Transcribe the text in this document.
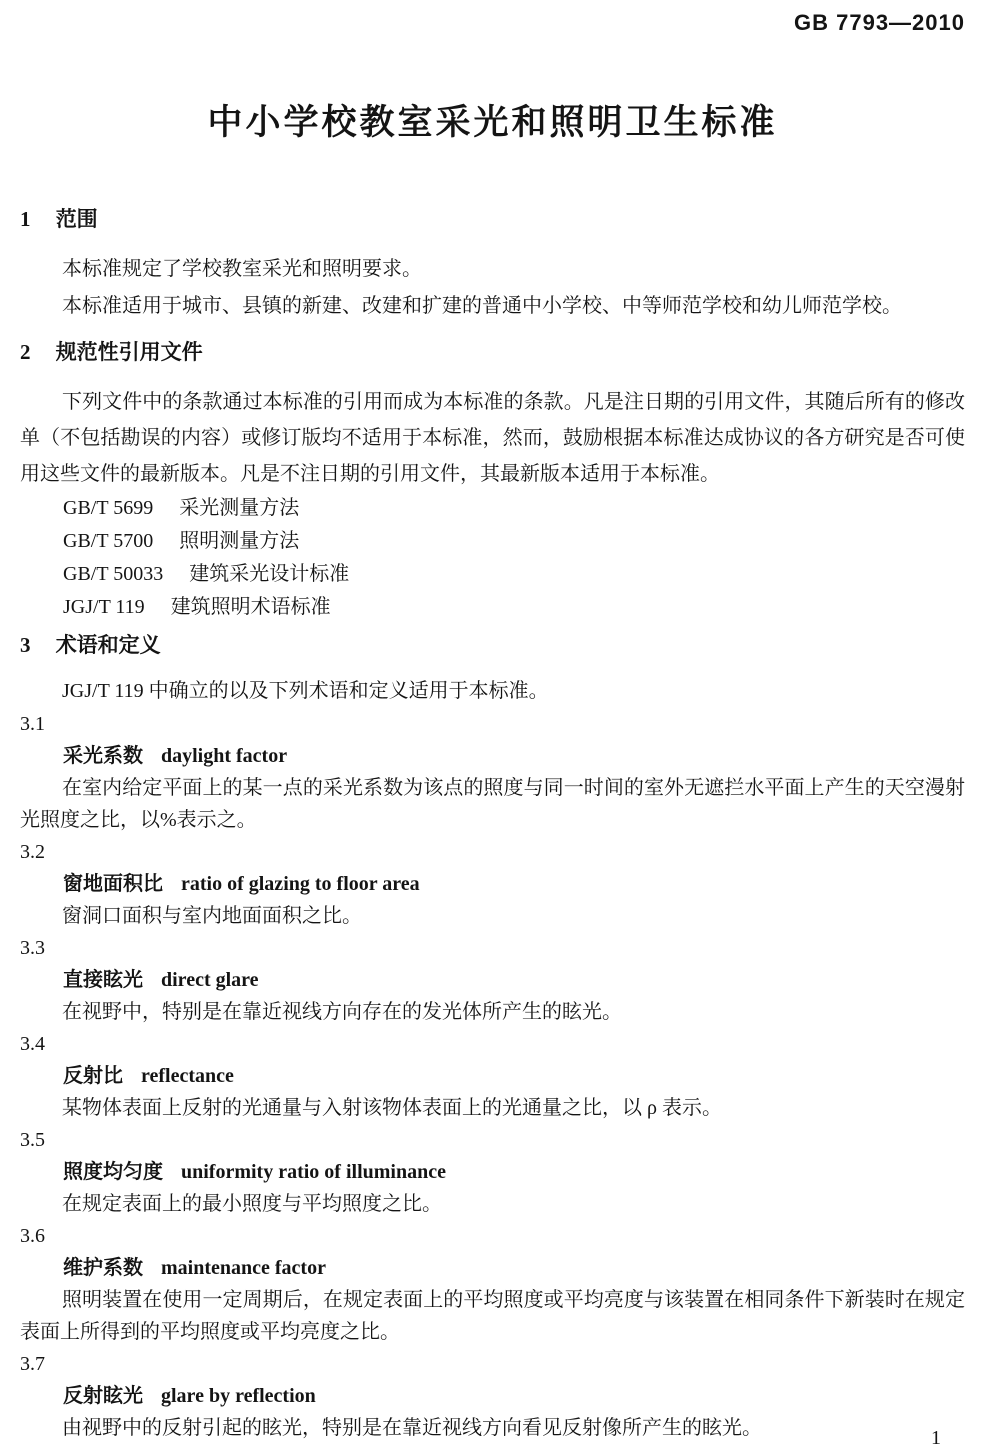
GB 7793—2010
中小学校教室采光和照明卫生标准
1 范围

本标准规定了学校教室采光和照明要求。

本标准适用于城市、县镇的新建、改建和扩建的普通中小学校、中等师范学校和幼儿师范学校。

2 规范性引用文件

下列文件中的条款通过本标准的引用而成为本标准的条款。凡是注日期的引用文件，其随后所有的修改单（不包括勘误的内容）或修订版均不适用于本标准，然而，鼓励根据本标准达成协议的各方研究是否可使用这些文件的最新版本。凡是不注日期的引用文件，其最新版本适用于本标准。

GB/T 5699 采光测量方法
GB/T 5700 照明测量方法
GB/T 50033 建筑采光设计标准
JGJ/T 119 建筑照明术语标准
3 术语和定义

JGJ/T 119 中确立的以及下列术语和定义适用于本标准。

3.1
采光系数 daylight factor

在室内给定平面上的某一点的采光系数为该点的照度与同一时间的室外无遮拦水平面上产生的天空漫射光照度之比，以%表示之。

3.2
窗地面积比 ratio of glazing to floor area

窗洞口面积与室内地面面积之比。

3.3
直接眩光 direct glare

在视野中，特别是在靠近视线方向存在的发光体所产生的眩光。

3.4
反射比 reflectance

某物体表面上反射的光通量与入射该物体表面上的光通量之比，以 ρ 表示。

3.5
照度均匀度 uniformity ratio of illuminance

在规定表面上的最小照度与平均照度之比。

3.6
维护系数 maintenance factor

照明装置在使用一定周期后，在规定表面上的平均照度或平均亮度与该装置在相同条件下新装时在规定表面上所得到的平均照度或平均亮度之比。

3.7
反射眩光 glare by reflection

由视野中的反射引起的眩光，特别是在靠近视线方向看见反射像所产生的眩光。	1
